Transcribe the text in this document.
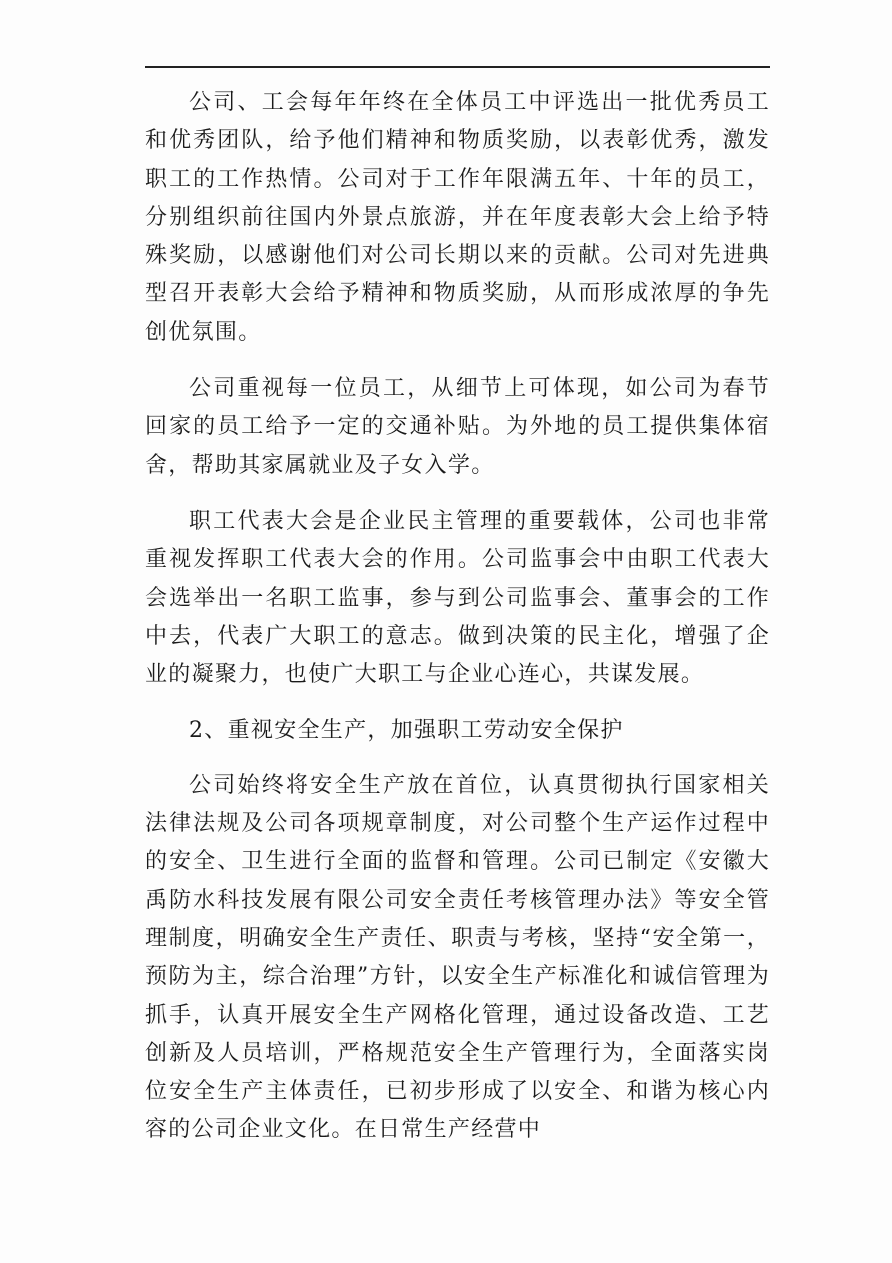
公司、工会每年年终在全体员工中评选出一批优秀员工和优秀团队，给予他们精神和物质奖励，以表彰优秀，激发职工的工作热情。公司对于工作年限满五年、十年的员工，分别组织前往国内外景点旅游，并在年度表彰大会上给予特殊奖励，以感谢他们对公司长期以来的贡献。公司对先进典型召开表彰大会给予精神和物质奖励，从而形成浓厚的争先创优氛围。

公司重视每一位员工，从细节上可体现，如公司为春节回家的员工给予一定的交通补贴。为外地的员工提供集体宿舍，帮助其家属就业及子女入学。

职工代表大会是企业民主管理的重要载体，公司也非常重视发挥职工代表大会的作用。公司监事会中由职工代表大会选举出一名职工监事，参与到公司监事会、董事会的工作中去，代表广大职工的意志。做到决策的民主化，增强了企业的凝聚力，也使广大职工与企业心连心，共谋发展。

2、重视安全生产，加强职工劳动安全保护

公司始终将安全生产放在首位，认真贯彻执行国家相关法律法规及公司各项规章制度，对公司整个生产运作过程中的安全、卫生进行全面的监督和管理。公司已制定《安徽大禹防水科技发展有限公司安全责任考核管理办法》等安全管理制度，明确安全生产责任、职责与考核，坚持“安全第一，预防为主，综合治理”方针，以安全生产标准化和诚信管理为抓手，认真开展安全生产网格化管理，通过设备改造、工艺创新及人员培训，严格规范安全生产管理行为，全面落实岗位安全生产主体责任，已初步形成了以安全、和谐为核心内容的公司企业文化。在日常生产经营中
